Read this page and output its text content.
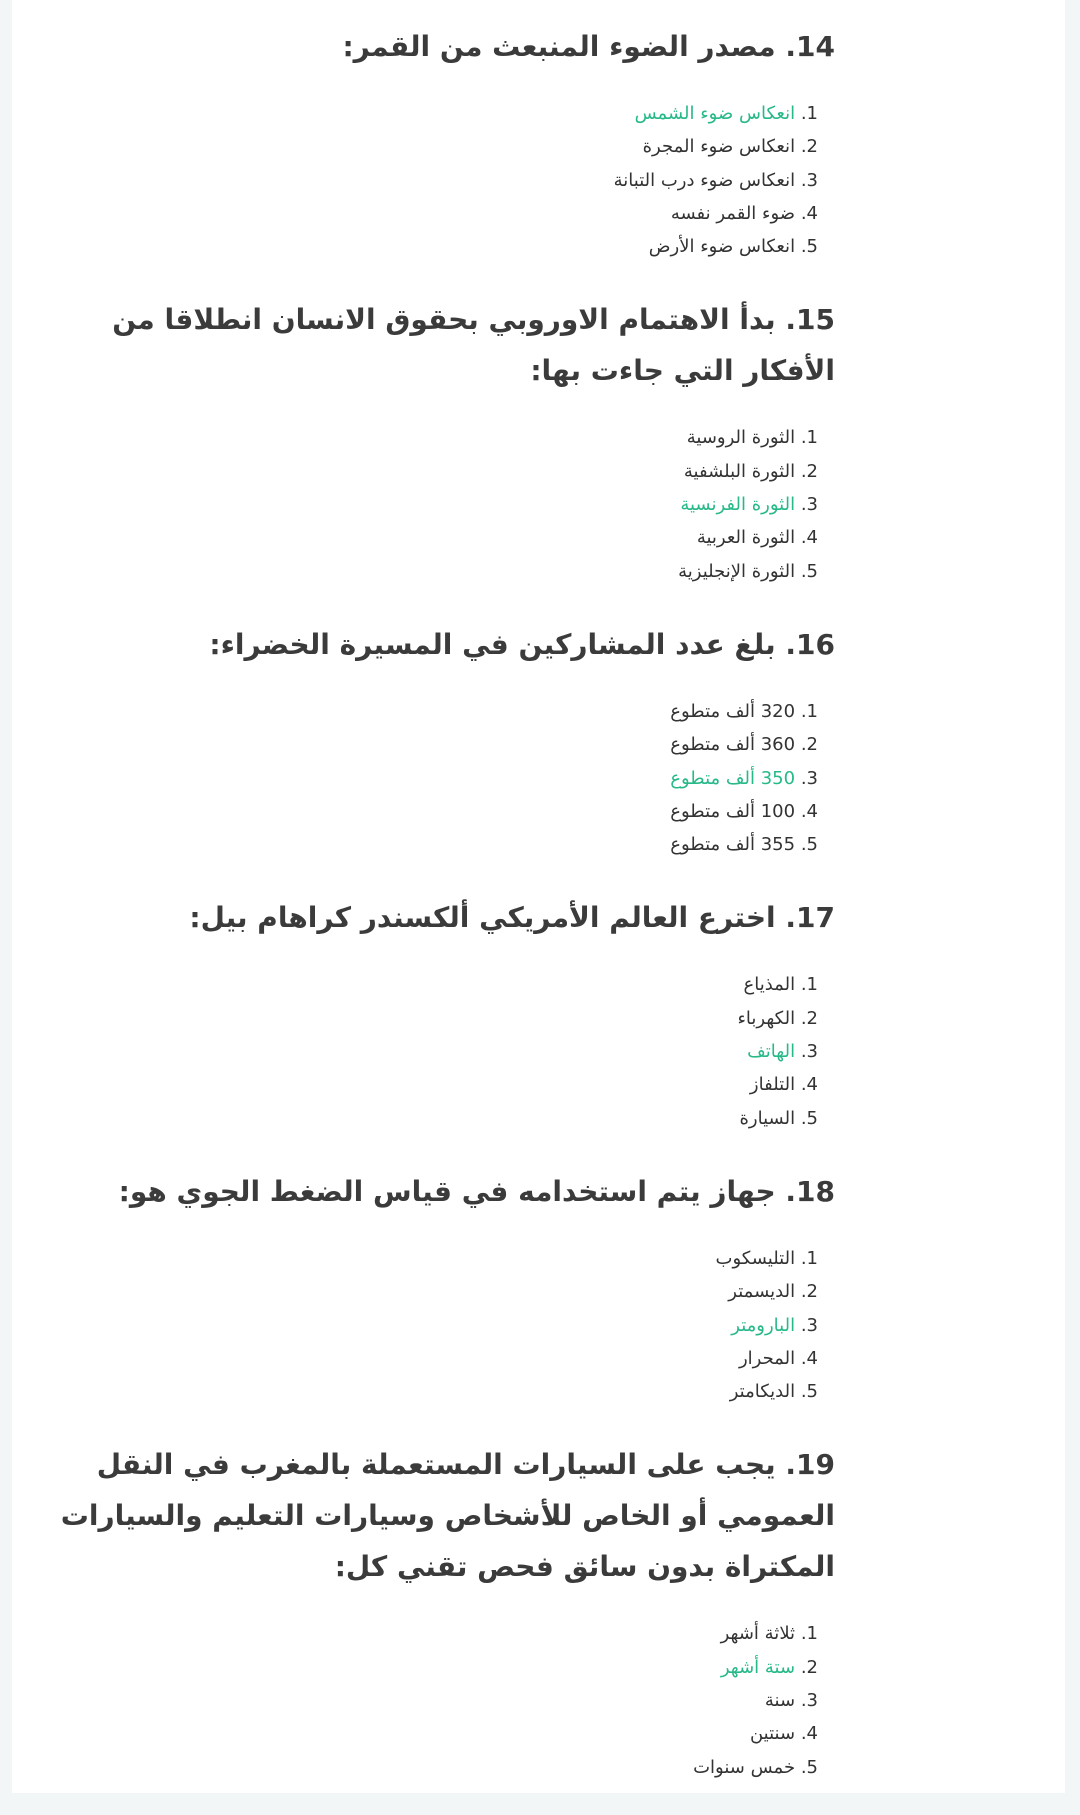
14. مصدر الضوء المنبعث من القمر:
1. انعكاس ضوء الشمس
2. انعكاس ضوء المجرة
3. انعكاس ضوء درب التبانة
4. ضوء القمر نفسه
5. انعكاس ضوء الأرض
15. بدأ الاهتمام الاوروبي بحقوق الانسان انطلاقا من الأفكار التي جاءت بها:
1. الثورة الروسية
2. الثورة البلشفية
3. الثورة الفرنسية
4. الثورة العربية
5. الثورة الإنجليزية
16. بلغ عدد المشاركين في المسيرة الخضراء:
1. 320 ألف متطوع
2. 360 ألف متطوع
3. 350 ألف متطوع
4. 100 ألف متطوع
5. 355 ألف متطوع
17. اخترع العالم الأمريكي ألكسندر كراهام بيل:
1. المذياع
2. الكهرباء
3. الهاتف
4. التلفاز
5. السيارة
18. جهاز يتم استخدامه في قياس الضغط الجوي هو:
1. التليسكوب
2. الديسمتر
3. البارومتر
4. المحرار
5. الديكامتر
19. يجب على السيارات المستعملة بالمغرب في النقل العمومي أو الخاص للأشخاص وسيارات التعليم والسيارات المكتراة بدون سائق فحص تقني كل:
1. ثلاثة أشهر
2. ستة أشهر
3. سنة
4. سنتين
5. خمس سنوات
